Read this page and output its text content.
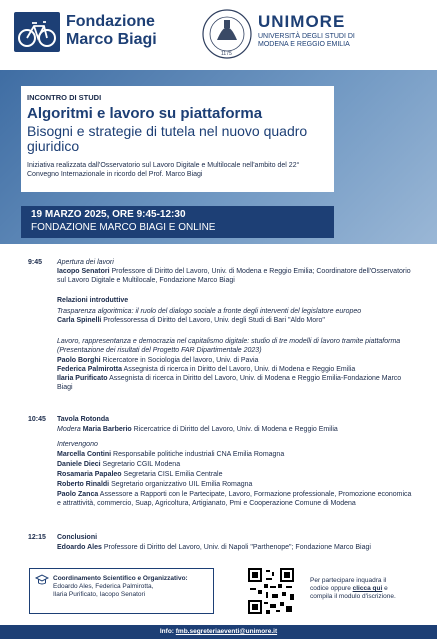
Fondazione
Marco Biagi
1175
UNIMORE
UNIVERSITÀ DEGLI STUDI DI
MODENA E REGGIO EMILIA
INCONTRO DI STUDI
Algoritmi e lavoro su piattaforma
Bisogni e strategie di tutela nel nuovo quadro giuridico
Iniziativa realizzata dall'Osservatorio sul Lavoro Digitale e Multilocale nell'ambito del 22° Convegno Internazionale in ricordo del Prof. Marco Biagi
19 MARZO 2025, ORE 9:45-12:30
FONDAZIONE MARCO BIAGI E ONLINE
9:45 Apertura dei lavori
Iacopo Senatori Professore di Diritto del Lavoro, Univ. di Modena e Reggio Emilia; Coordinatore dell'Osservatorio sul Lavoro Digitale e Multilocale, Fondazione Marco Biagi
Relazioni introduttive
Trasparenza algoritmica: il ruolo del dialogo sociale a fronte degli interventi del legislatore europeo
Carla Spinelli Professoressa di Diritto del Lavoro, Univ. degli Studi di Bari "Aldo Moro"
Lavoro, rappresentanza e democrazia nel capitalismo digitale: studio di tre modelli di lavoro tramite piattaforma (Presentazione dei risultati del Progetto FAR Dipartimentale 2023)
Paolo Borghi Ricercatore in Sociologia del lavoro, Univ. di Pavia
Federica Palmirotta Assegnista di ricerca in Diritto del Lavoro, Univ. di Modena e Reggio Emilia
Ilaria Purificato Assegnista di ricerca in Diritto del Lavoro, Univ. di Modena e Reggio Emilia-Fondazione Marco Biagi
10:45 Tavola Rotonda
Modera Maria Barberio Ricercatrice di Diritto del Lavoro, Univ. di Modena e Reggio Emilia
Intervengono
Marcella Contini Responsabile politiche industriali CNA Emilia Romagna
Daniele Dieci Segretario CGIL Modena
Rosamaria Papaleo Segretaria CISL Emilia Centrale
Roberto Rinaldi Segretario organizzativo UIL Emilia Romagna
Paolo Zanca Assessore a Rapporti con le Partecipate, Lavoro, Formazione professionale, Promozione economica e attrattività, commercio, Suap, Agricoltura, Artigianato, Pmi e Cooperazione Comune di Modena
12:15 Conclusioni
Edoardo Ales Professore di Diritto del Lavoro, Univ. di Napoli "Parthenope"; Fondazione Marco Biagi
Coordinamento Scientifico e Organizzativo:
Edoardo Ales, Federica Palmirotta,
Ilaria Purificato, Iacopo Senatori
Per partecipare inquadra il
codice oppure clicca qui e
compila il modulo d'iscrizione.
Info: fmb.segreteriaeventi@unimore.it
